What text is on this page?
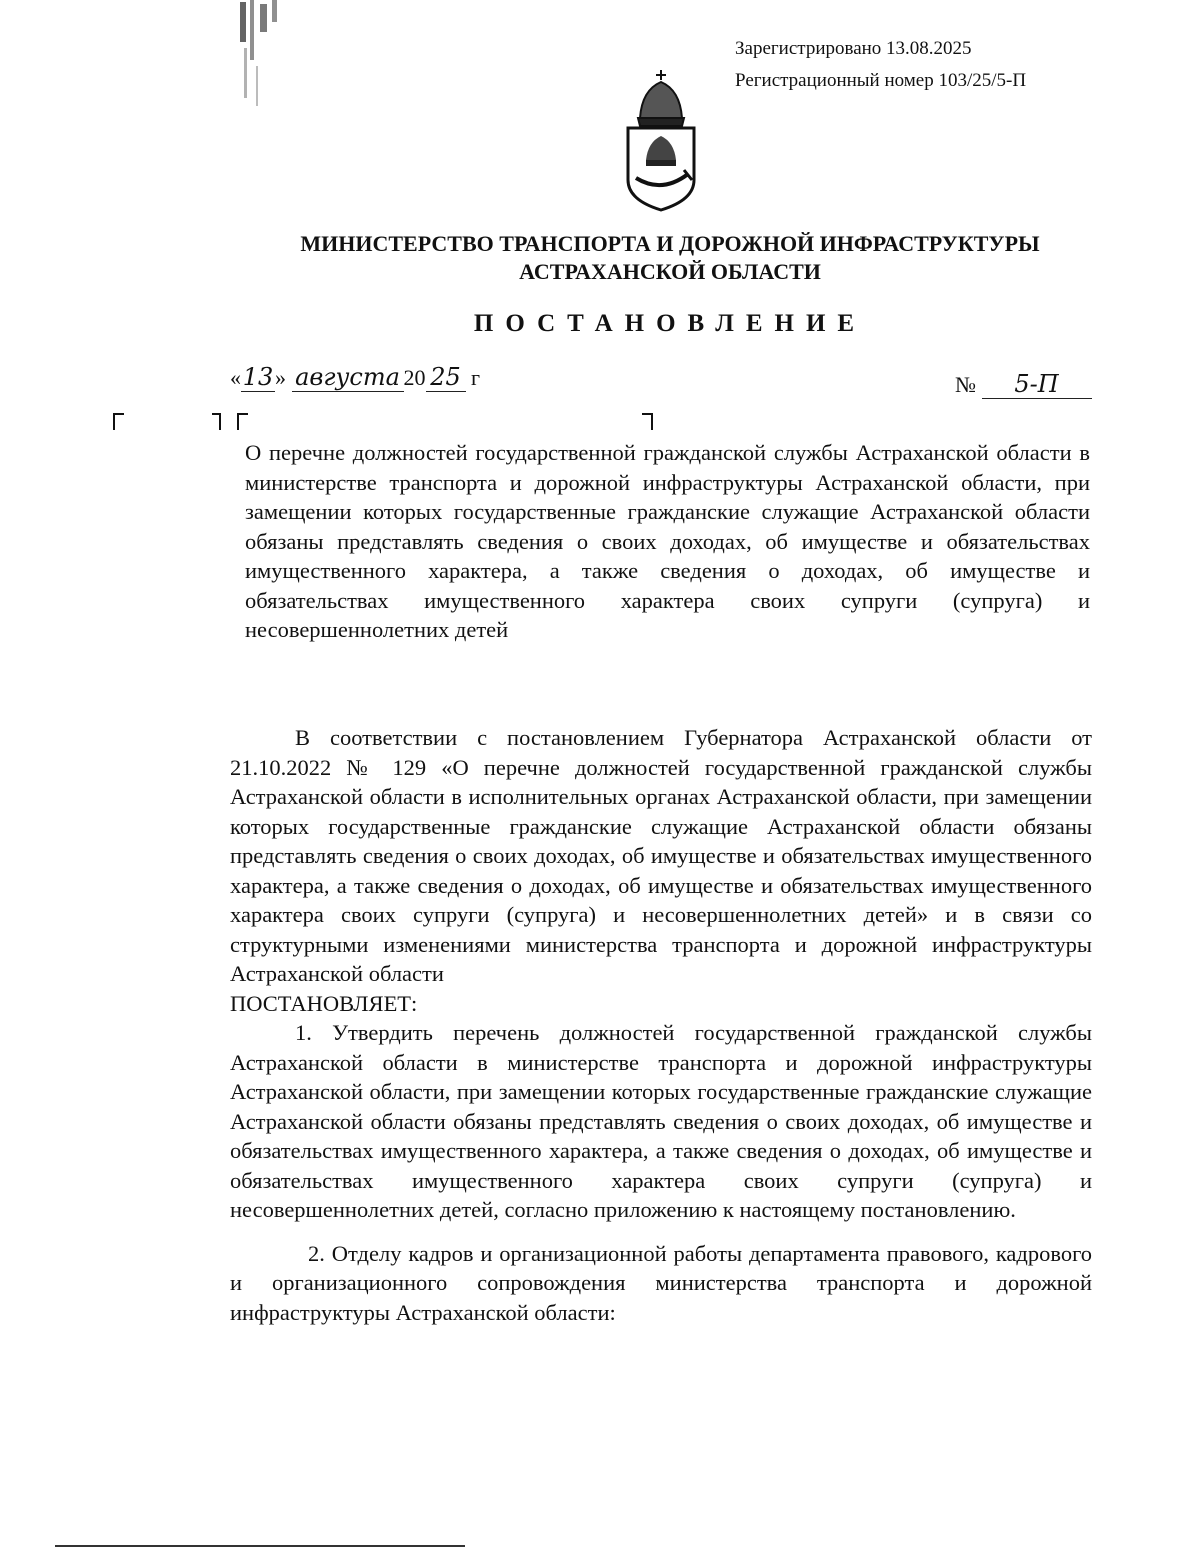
Зарегистрировано 13.08.2025
Регистрационный номер 103/25/5-П
МИНИСТЕРСТВО ТРАНСПОРТА И ДОРОЖНОЙ ИНФРАСТРУКТУРЫ
АСТРАХАНСКОЙ ОБЛАСТИ
ПОСТАНОВЛЕНИЕ
«13» августа 20 25 г	№ 5-П
О перечне должностей государственной гражданской службы Астраханской области в министерстве транспорта и дорожной инфраструктуры Астраханской области, при замещении которых государственные гражданские служащие Астраханской области обязаны представлять сведения о своих доходах, об имуществе и обязательствах имущественного характера, а также сведения о доходах, об имуществе и обязательствах имущественного характера своих супруги (супруга) и несовершеннолетних детей

В соответствии с постановлением Губернатора Астраханской области от 21.10.2022 № 129 «О перечне должностей государственной гражданской службы Астраханской области в исполнительных органах Астраханской области, при замещении которых государственные гражданские служащие Астраханской области обязаны представлять сведения о своих доходах, об имуществе и обязательствах имущественного характера, а также сведения о доходах, об имуществе и обязательствах имущественного характера своих супруги (супруга) и несовершеннолетних детей» и в связи со структурными изменениями министерства транспорта и дорожной инфраструктуры Астраханской области

ПОСТАНОВЛЯЕТ:

1. Утвердить перечень должностей государственной гражданской службы Астраханской области в министерстве транспорта и дорожной инфраструктуры Астраханской области, при замещении которых государственные гражданские служащие Астраханской области обязаны представлять сведения о своих доходах, об имуществе и обязательствах имущественного характера, а также сведения о доходах, об имуществе и обязательствах имущественного характера своих супруги (супруга) и несовершеннолетних детей, согласно приложению к настоящему постановлению.

2. Отделу кадров и организационной работы департамента правового, кадрового и организационного сопровождения министерства транспорта и дорожной инфраструктуры Астраханской области:
